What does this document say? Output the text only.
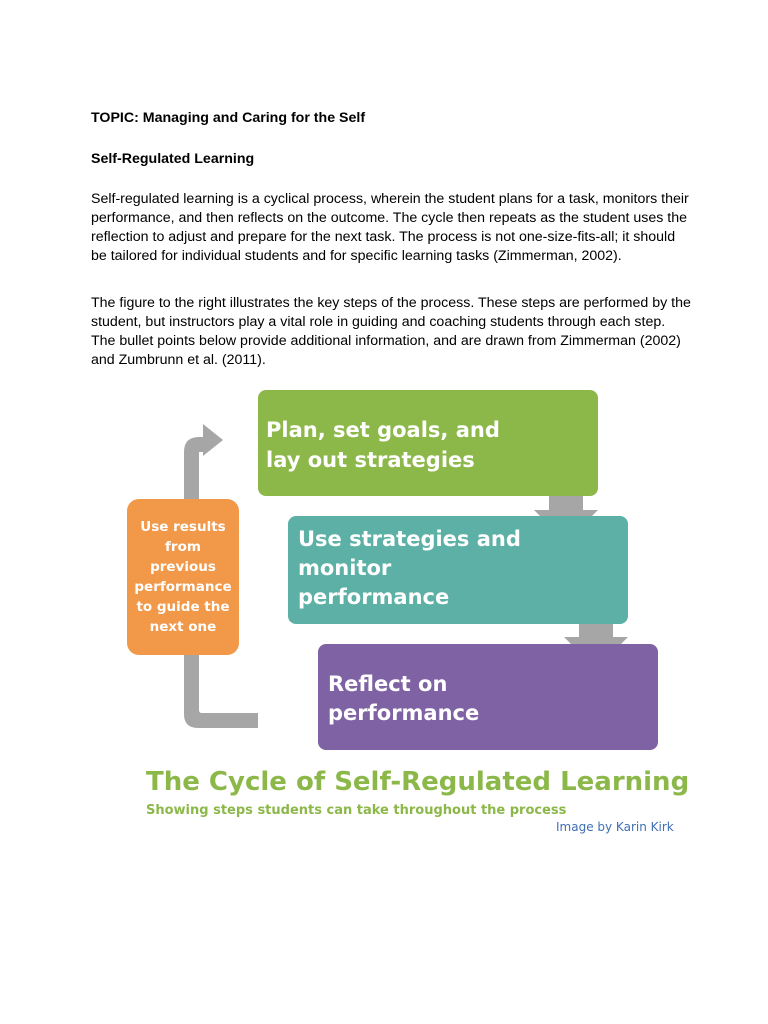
TOPIC: Managing and Caring for the Self
Self-Regulated Learning
Self-regulated learning is a cyclical process, wherein the student plans for a task, monitors their performance, and then reflects on the outcome. The cycle then repeats as the student uses the reflection to adjust and prepare for the next task. The process is not one-size-fits-all; it should be tailored for individual students and for specific learning tasks (Zimmerman, 2002).
The figure to the right illustrates the key steps of the process. These steps are performed by the student, but instructors play a vital role in guiding and coaching students through each step. The bullet points below provide additional information, and are drawn from Zimmerman (2002) and Zumbrunn et al. (2011).
Plan, set goals, and
lay out strategies
Use strategies and
monitor
performance
Reflect on
performance
Use results
from
previous
performance
to guide the
next one
The Cycle of Self-Regulated Learning
Showing steps students can take throughout the process
Image by Karin Kirk
